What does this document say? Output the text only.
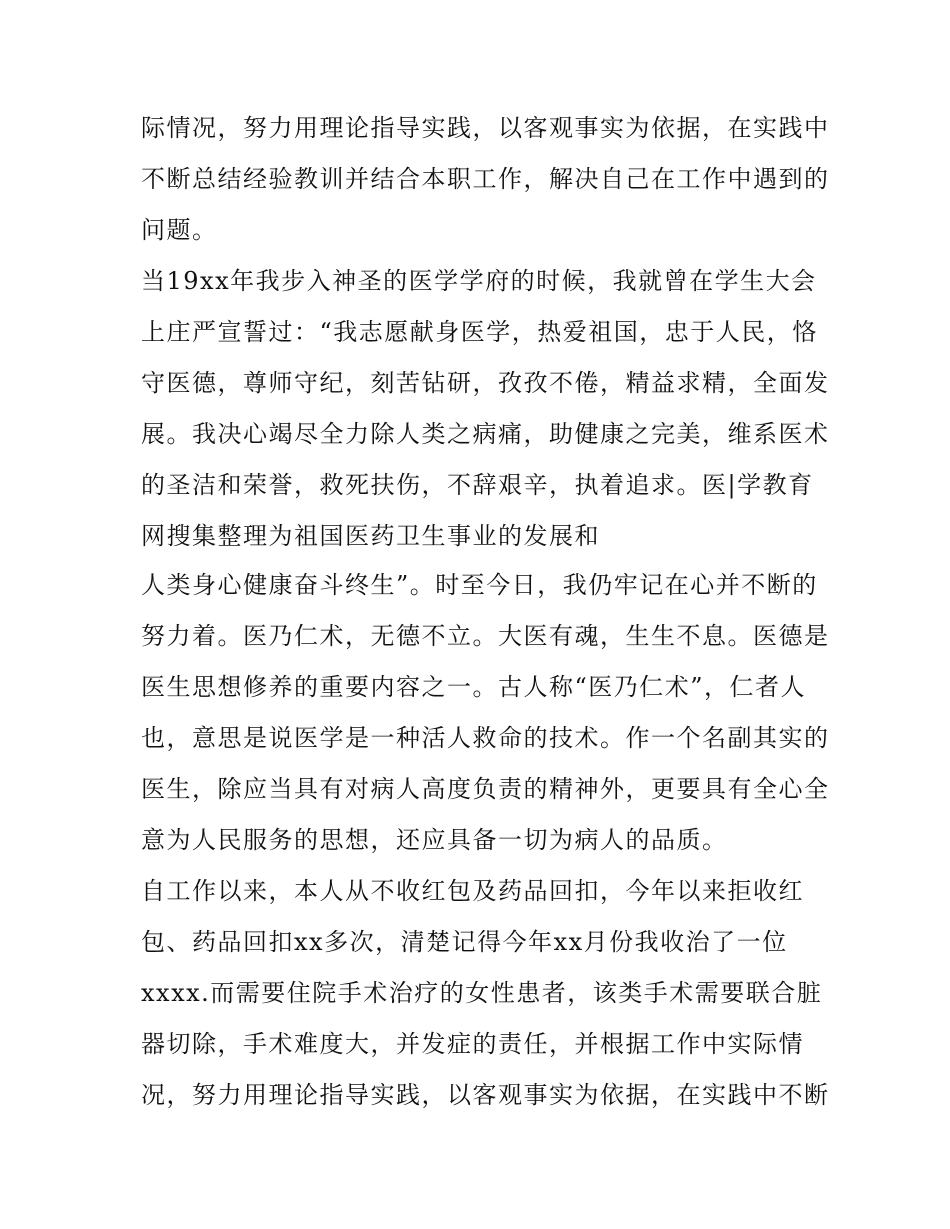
际情况，努力用理论指导实践，以客观事实为依据，在实践中
不断总结经验教训并结合本职工作，解决自己在工作中遇到的
问题。
当19xx年我步入神圣的医学学府的时候，我就曾在学生大会
上庄严宣誓过：“我志愿献身医学，热爱祖国，忠于人民，恪
守医德，尊师守纪，刻苦钻研，孜孜不倦，精益求精，全面发
展。我决心竭尽全力除人类之病痛，助健康之完美，维系医术
的圣洁和荣誉，救死扶伤，不辞艰辛，执着追求。医|学教育
网搜集整理为祖国医药卫生事业的发展和
人类身心健康奋斗终生”。时至今日，我仍牢记在心并不断的
努力着。医乃仁术，无德不立。大医有魂，生生不息。医德是
医生思想修养的重要内容之一。古人称“医乃仁术”，仁者人
也，意思是说医学是一种活人救命的技术。作一个名副其实的
医生，除应当具有对病人高度负责的精神外，更要具有全心全
意为人民服务的思想，还应具备一切为病人的品质。
自工作以来，本人从不收红包及药品回扣，今年以来拒收红
包、药品回扣xx多次，清楚记得今年xx月份我收治了一位
xxxx.而需要住院手术治疗的女性患者，该类手术需要联合脏
器切除，手术难度大，并发症的责任，并根据工作中实际情
况，努力用理论指导实践，以客观事实为依据，在实践中不断
